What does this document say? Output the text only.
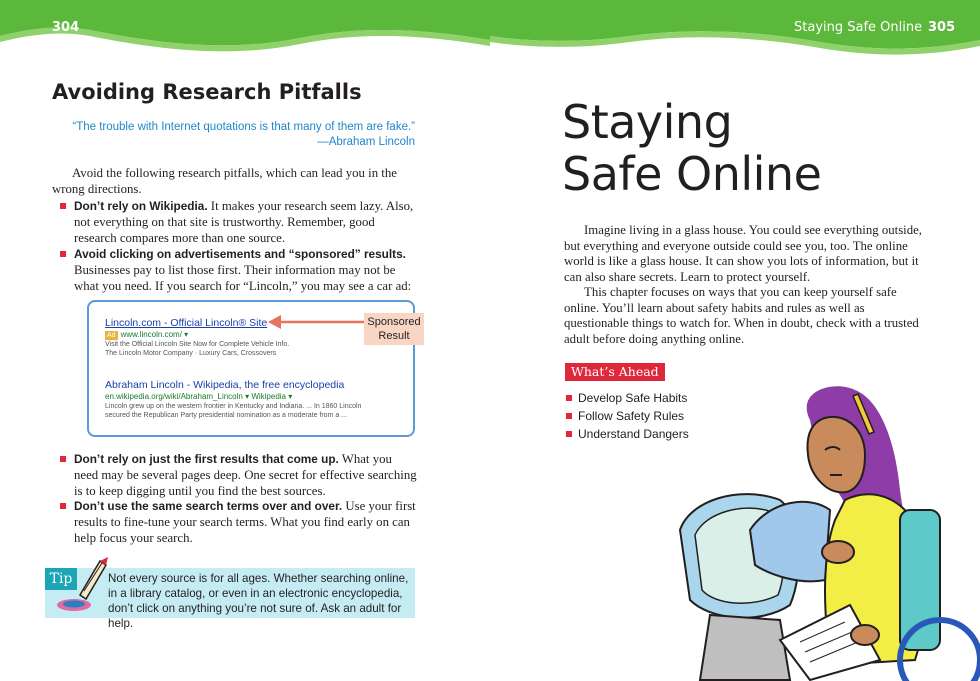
304
Avoiding Research Pitfalls
“The trouble with Internet quotations is that many of them are fake.”
—Abraham Lincoln
Avoid the following research pitfalls, which can lead you in the wrong directions.
Don’t rely on Wikipedia. It makes your research seem lazy. Also, not everything on that site is trustworthy. Remember, good research compares more than one source.
Avoid clicking on advertisements and “sponsored” results. Businesses pay to list those first. Their information may not be what you need. If you search for “Lincoln,” you may see a car ad:
Lincoln.com - Official Lincoln® Site
Ad www.lincoln.com/ ▾
Visit the Official Lincoln Site Now for Complete Vehicle Info.
The Lincoln Motor Company · Luxury Cars, Crossovers
Abraham Lincoln - Wikipedia, the free encyclopedia
en.wikipedia.org/wiki/Abraham_Lincoln ▾ Wikipedia ▾
Lincoln grew up on the western frontier in Kentucky and Indiana. ... In 1860 Lincoln
secured the Republican Party presidential nomination as a moderate from a ...
Sponsored
Result
Don’t rely on just the first results that come up. What you need may be several pages deep. One secret for effective searching is to keep digging until you find the best sources.
Don’t use the same search terms over and over. Use your first results to fine-tune your search terms. What you find early on can help focus your search.
Tip	Not every source is for all ages. Whether searching online, in a library catalog, or even in an electronic encyclopedia, don’t click on anything you’re not sure of. Ask an adult for help.
Staying Safe Online 305
Staying
Safe Online

Imagine living in a glass house. You could see everything outside, but everything and everyone outside could see you, too. The online world is like a glass house. It can show you lots of information, but it can also share secrets. Learn to protect yourself.

This chapter focuses on ways that you can keep yourself safe online. You’ll learn about safety habits and rules as well as questionable things to watch for. When in doubt, check with a trusted adult before doing anything online.

What’s Ahead
Develop Safe Habits
Follow Safety Rules
Understand Dangers
